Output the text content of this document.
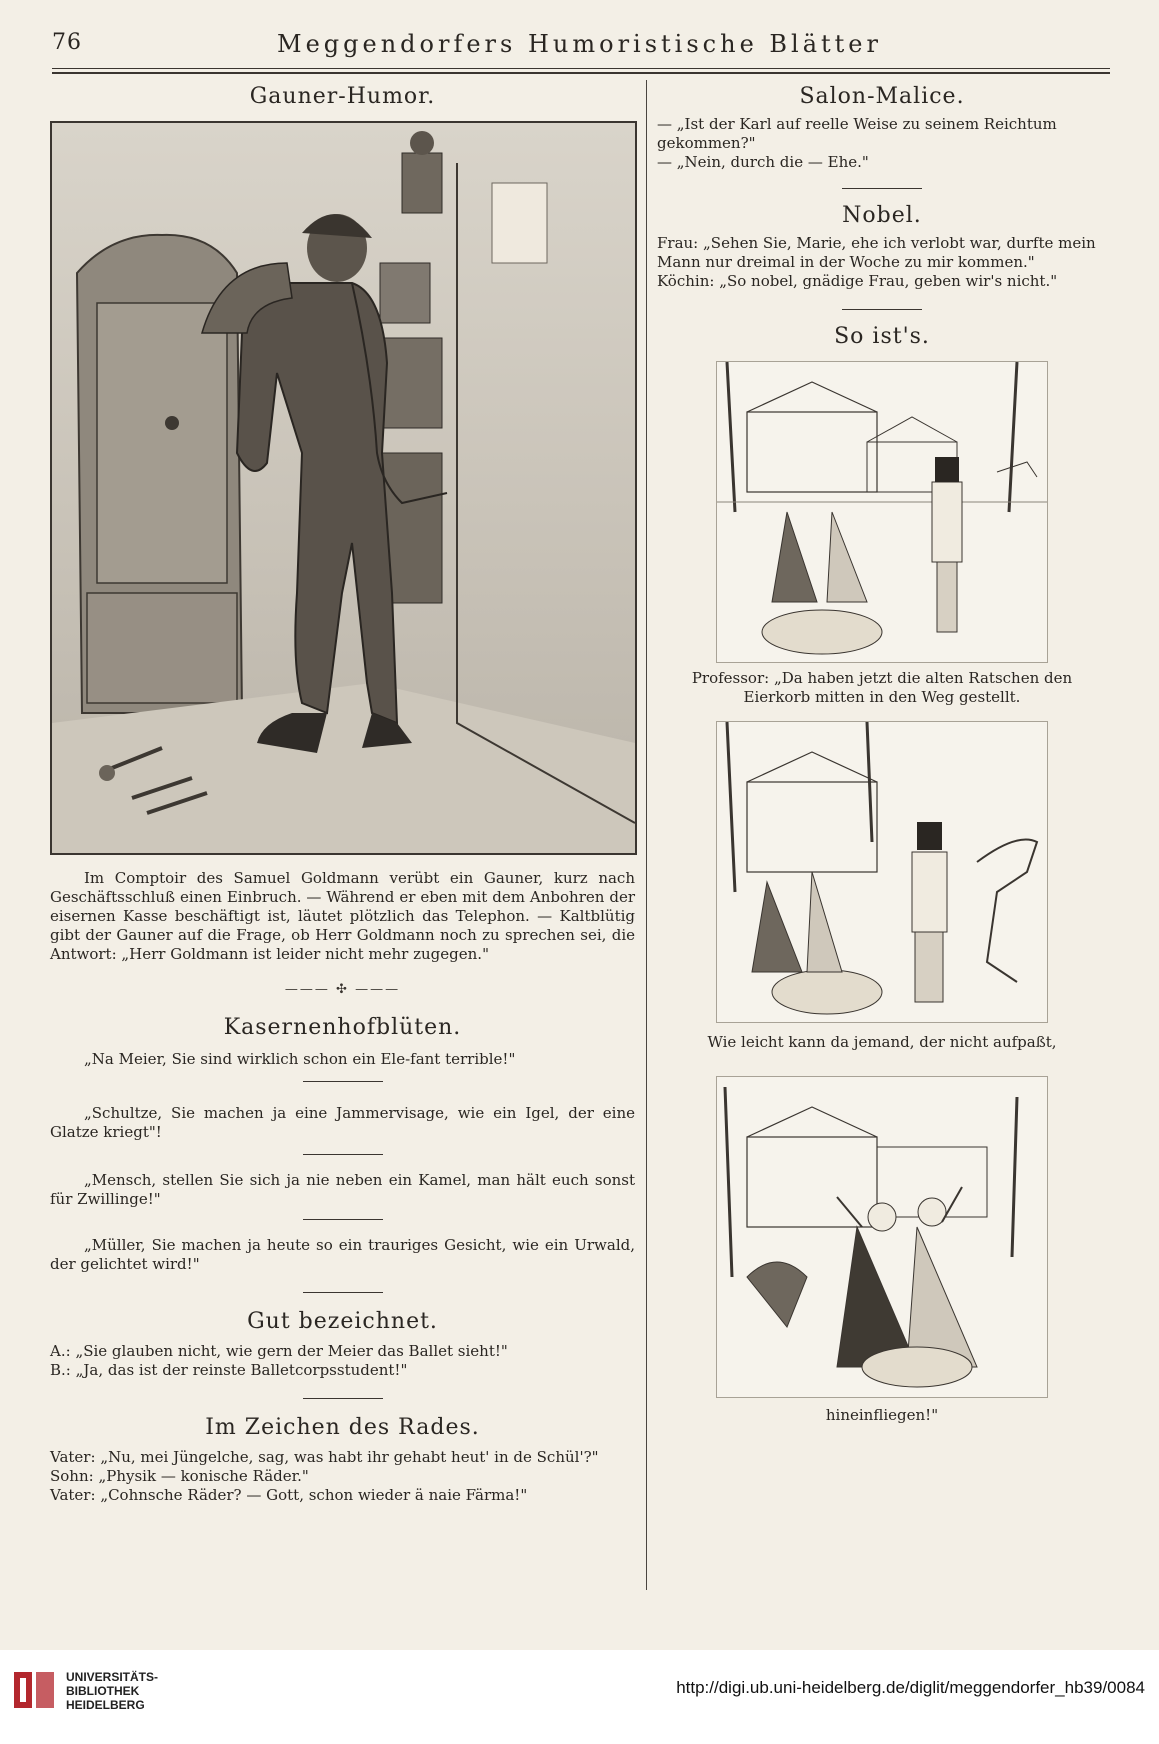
76	Meggendorfers Humoristische Blätter
Gauner-Humor.

Im Comptoir des Samuel Goldmann verübt ein Gauner, kurz nach Geschäftsschluß einen Einbruch. — Während er eben mit dem Anbohren der eisernen Kasse beschäftigt ist, läutet plötzlich das Telephon. — Kaltblütig gibt der Gauner auf die Frage, ob Herr Goldmann noch zu sprechen sei, die Antwort: „Herr Goldmann ist leider nicht mehr zugegen."

——— ✣ ———
Kasernenhofblüten.

„Na Meier, Sie sind wirklich schon ein Ele-fant terrible!"

„Schultze, Sie machen ja eine Jammervisage, wie ein Igel, der eine Glatze kriegt"!

„Mensch, stellen Sie sich ja nie neben ein Kamel, man hält euch sonst für Zwillinge!"

„Müller, Sie machen ja heute so ein trauriges Gesicht, wie ein Urwald, der gelichtet wird!"

Gut bezeichnet.

A.: „Sie glauben nicht, wie gern der Meier das Ballet sieht!"

B.: „Ja, das ist der reinste Balletcorpsstudent!"

Im Zeichen des Rades.

Vater: „Nu, mei Jüngelche, sag, was habt ihr gehabt heut' in de Schül'?"

Sohn: „Physik — konische Räder."

Vater: „Cohnsche Räder? — Gott, schon wieder ä naie Färma!"

Salon-Malice.

— „Ist der Karl auf reelle Weise zu seinem Reichtum gekommen?"

— „Nein, durch die — Ehe."

Nobel.

Frau: „Sehen Sie, Marie, ehe ich verlobt war, durfte mein Mann nur dreimal in der Woche zu mir kommen."

Köchin: „So nobel, gnädige Frau, geben wir's nicht."

So ist's.

Professor: „Da haben jetzt die alten Ratschen den Eierkorb mitten in den Weg gestellt.

Wie leicht kann da jemand, der nicht aufpaßt,

hineinfliegen!"

UNIVERSITÄTS-
BIBLIOTHEK
HEIDELBERG
http://digi.ub.uni-heidelberg.de/diglit/meggendorfer_hb39/0084
